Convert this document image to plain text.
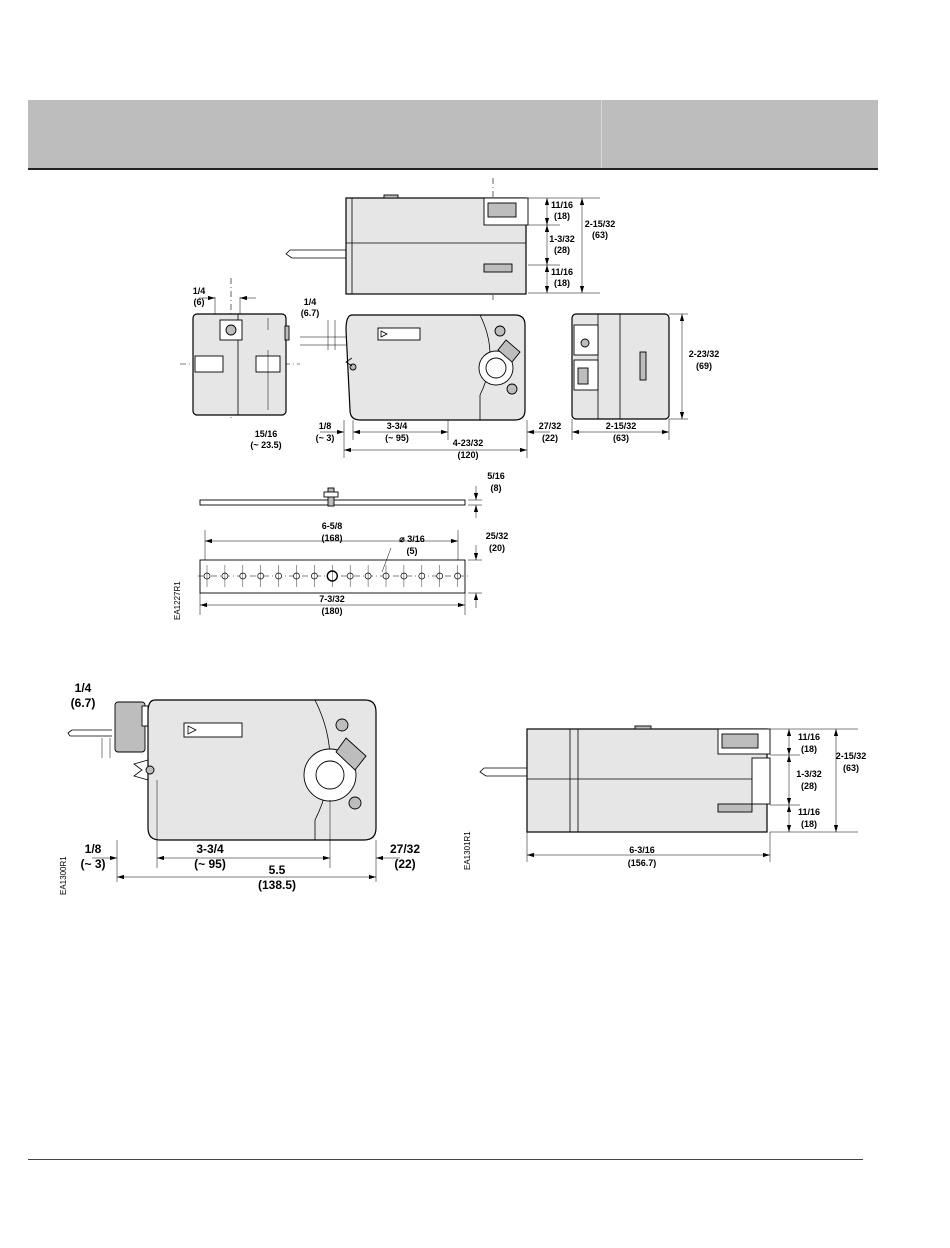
11/16
(18)
1-3/32
(28)
11/16
(18)
2-15/32
(63)
1/4
(6)
15/16
(~ 23.5)
1/4
(6.7)
1/8
(~ 3)
3-3/4
(~ 95)	4-23/32
(120)
27/32
(22)
2-23/32
(69)
2-15/32
(63)
5/16
(8)
6-5/8
(168)	⌀ 3/16
(5)
25/32
(20)
7-3/32
(180)
EA1227R1
1/4
(6.7)
1/8
(~ 3)
3-3/4
(~ 95)	5.5
(138.5)
27/32
(22)
EA1300R1
11/16
(18)
1-3/32
(28)
11/16
(18)
2-15/32
(63)
6-3/16
(156.7)
EA1301R1
